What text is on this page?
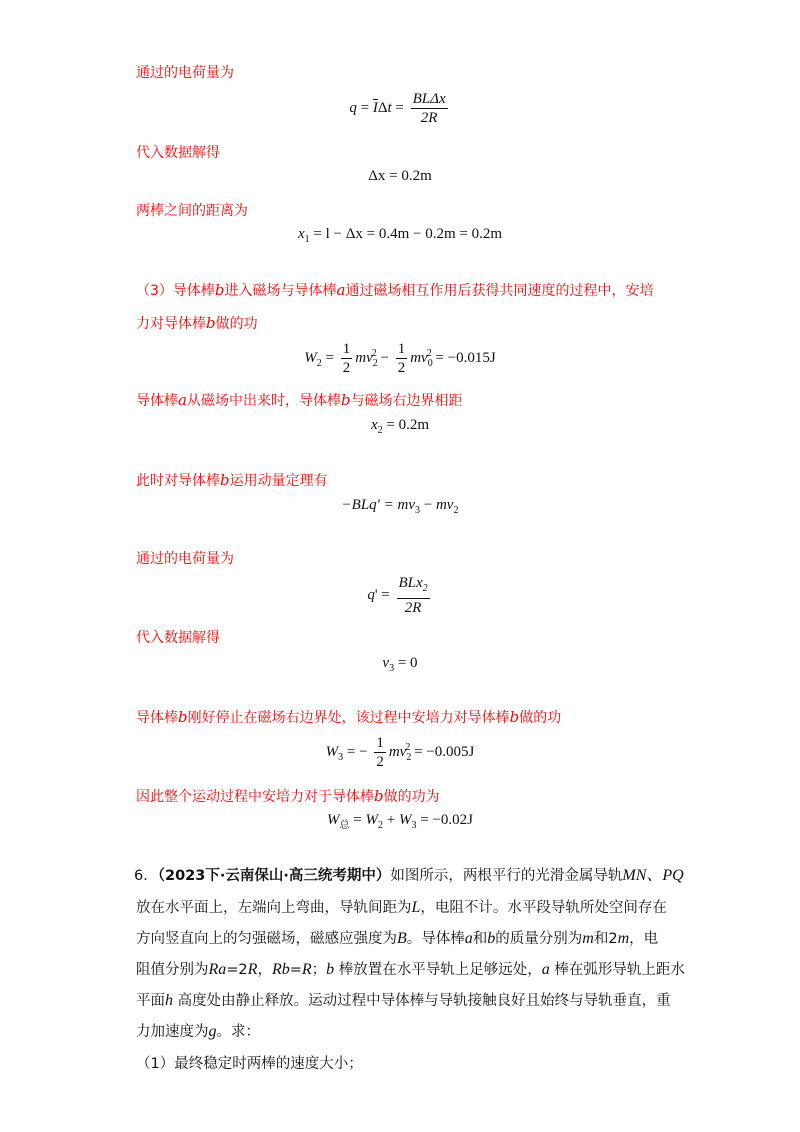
通过的电荷量为
$q = \overline{I}\Delta t = \frac{\text{BLΔx}}{2R}$
代入数据解得
Δx = 0.2m
两棒之间的距离为
$x_1 = l - \Delta x = 0.4m - 0.2m = 0.2m$
（3）导体棒b进入磁场与导体棒a通过磁场相互作用后获得共同速度的过程中，安培
力对导体棒b做的功
$W_2 = \frac{1}{2} mv_2^2 - \frac{1}{2} mv_0^2 = -0.015J$
导体棒a从磁场中出来时，导体棒b与磁场右边界相距
$x_2 = 0.2m$
此时对导体棒b运用动量定理有
$-BLq' = mv_3 - mv_2$
通过的电荷量为
$q' = \frac{BLx_2}{2R}$
代入数据解得
$v_3 = 0$
导体棒b刚好停止在磁场右边界处，该过程中安培力对导体棒b做的功
$W_3$ = − $\frac{1}{2} mv_2^2 = -0.005J$
因此整个运动过程中安培力对于导体棒b做的功为
$W_总 = W_2 + W_3 = -0.02J$
6．（2023下·云南保山·高三统考期中）如图所示，两根平行的光滑金属导轨MN、PQ
放在水平面上，左端向上弯曲，导轨间距为L，电阻不计。水平段导轨所处空间存在
方向竖直向上的匀强磁场，磁感应强度为B。导体棒a和b的质量分别为m和2m，电
阻值分别为Ra=2R，Rb=R；b 棒放置在水平导轨上足够远处，a 棒在弧形导轨上距水
平面h 高度处由静止释放。运动过程中导体棒与导轨接触良好且始终与导轨垂直，重
力加速度为g。求：
（1）最终稳定时两棒的速度大小；
